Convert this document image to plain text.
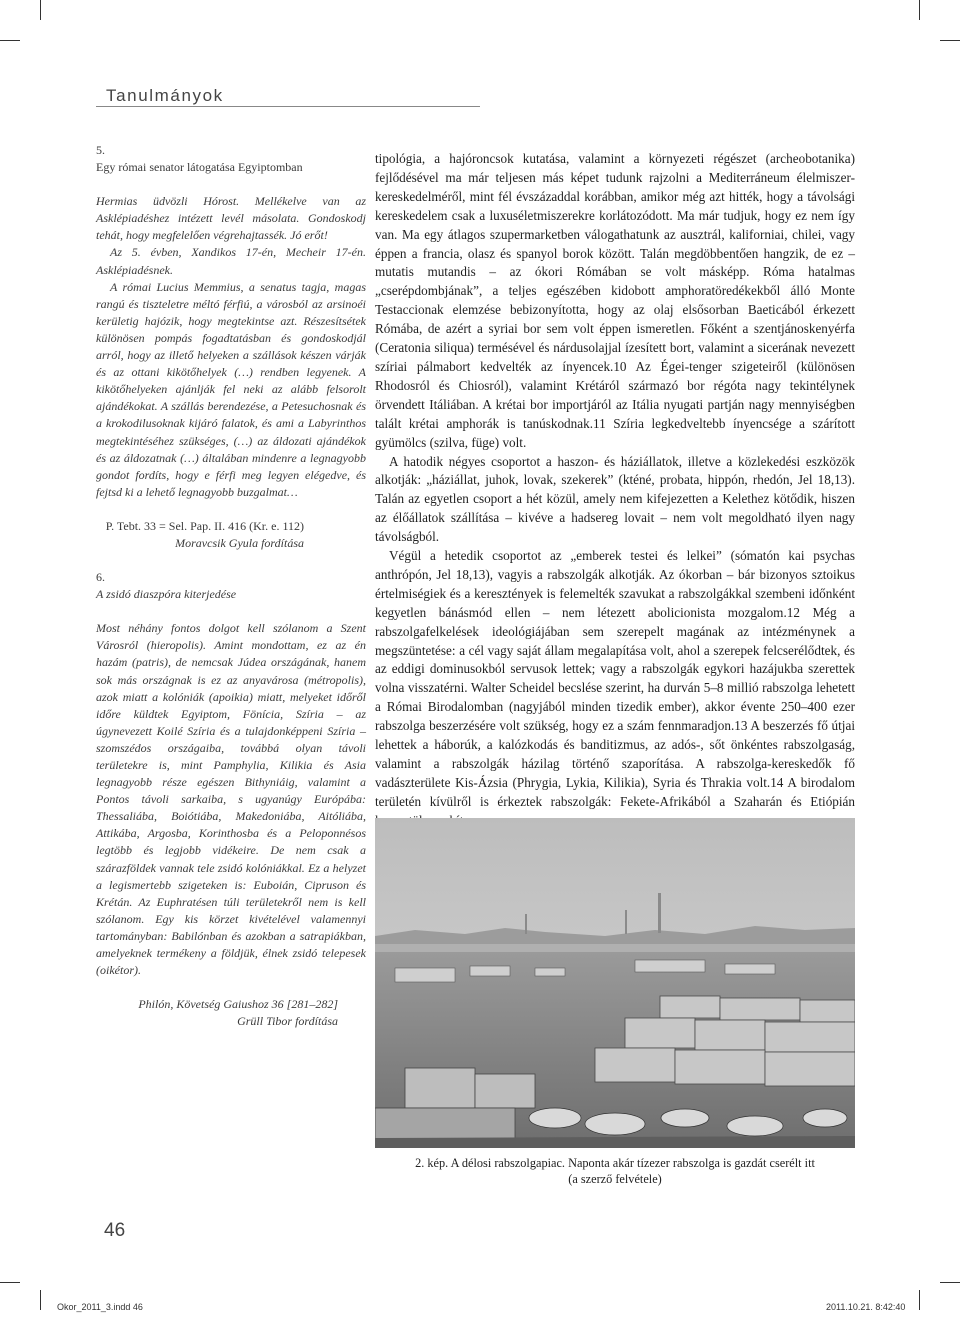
Tanulmányok

5.

Egy római senator látogatása Egyiptomban

Hermias üdvözli Hórost. Mellékelve van az Asklépiadéshez intézett levél másolata. Gondoskodj tehát, hogy megfelelően végrehajtassék. Jó erőt!

Az 5. évben, Xandikos 17-én, Mecheir 17-én. Asklépiadésnek.

A római Lucius Memmius, a senatus tagja, magas rangú és tiszteletre méltó férfiú, a városból az arsinoéi kerületig hajózik, hogy megtekintse azt. Részesítsétek különösen pompás fogadtatásban és gondoskodjál arról, hogy az illető helyeken a szállások készen várják és az ottani kikötőhelyek (…) rendben legyenek. A kikötőhelyeken ajánlják fel neki az alább felsorolt ajándékokat. A szállás berendezése, a Petesuchosnak és a krokodilusoknak kijáró falatok, és ami a Labyrinthos megtekintéséhez szükséges, (…) az áldozati ajándékok és az áldozatnak (…) általában mindenre a legnagyobb gondot fordíts, hogy e férfi meg legyen elégedve, és fejtsd ki a lehető legnagyobb buzgalmat…

P. Tebt. 33 = Sel. Pap. II. 416 (Kr. e. 112)

Moravcsik Gyula fordítása

6.

A zsidó diaszpóra kiterjedése

Most néhány fontos dolgot kell szólanom a Szent Városról (hieropolis). Amint mondottam, ez az én hazám (patris), de nemcsak Júdea országának, hanem sok más országnak is ez az anyavárosa (métropolis), azok miatt a kolóniák (apoikia) miatt, melyeket időről időre küldtek Egyiptom, Fönícia, Szíria – az úgynevezett Koilé Szíria és a tulajdonképpeni Szíria – szomszédos országaiba, továbbá olyan távoli területekre is, mint Pamphylia, Kilikia és Asia legnagyobb része egészen Bithyniáig, valamint a Pontos távoli sarkaiba, s ugyanúgy Európába: Thessaliába, Boiótiába, Makedoniába, Aitóliába, Attikába, Argosba, Korinthosba és a Peloponnésos legtöbb és legjobb vidékeire. De nem csak a szárazföldek vannak tele zsidó kolóniákkal. Ez a helyzet a legismertebb szigeteken is: Euboián, Cipruson és Krétán. Az Euphratésen túli területekről nem is kell szólanom. Egy kis körzet kivételével valamennyi tartományban: Babilónban és azokban a satrapiákban, amelyeknek termékeny a földjük, élnek zsidó telepesek (oikétor).

Philón, Követség Gaiushoz 36 [281–282]

Grüll Tibor fordítása

tipológia, a hajóroncsok kutatása, valamint a környezeti régészet (archeobotanika) fejlődésével ma már teljesen más képet tudunk rajzolni a Mediterráneum élelmiszer-kereskedelméről, mint fél évszázaddal korábban, amikor még azt hitték, hogy a távolsági kereskedelem csak a luxuséletmiszerekre korlátozódott. Ma már tudjuk, hogy ez nem így van. Ma egy átlagos szupermarketben válogathatunk az ausztrál, kaliforniai, chilei, vagy éppen a francia, olasz és spanyol borok között. Talán megdöbbentően hangzik, de ez – mutatis mutandis – az ókori Rómában se volt másképp. Róma hatalmas „cserépdombjának”, a teljes egészében kidobott amphoratöredékekből álló Monte Testaccionak elemzése bebizonyította, hogy az olaj elsősorban Baeticából érkezett Rómába, de azért a syriai bor sem volt éppen ismeretlen. Főként a szentjánoskenyérfa (Ceratonia siliqua) termésével és nárdusolajjal ízesített bort, valamint a sicerának nevezett szíriai pálmabort kedvelték az ínyencek.10 Az Égei-tenger szigeteiről (különösen Rhodosról és Chiosról), valamint Krétáról származó bor régóta nagy tekintélynek örvendett Itáliában. A krétai bor importjáról az Itália nyugati partján nagy mennyiségben talált krétai amphorák is tanúskodnak.11 Szíria legkedveltebb ínyencsége a szárított gyümölcs (szilva, füge) volt.

A hatodik négyes csoportot a haszon- és háziállatok, illetve a közlekedési eszközök alkotják: „háziállat, juhok, lovak, szekerek” (kténé, probata, hippón, rhedón, Jel 18,13). Talán az egyetlen csoport a hét közül, amely nem kifejezetten a Kelethez kötődik, hiszen az élőállatok szállítása – kivéve a hadsereg lovait – nem volt megoldható ilyen nagy távolságból.

Végül a hetedik csoportot az „emberek testei és lelkei” (sómatón kai psychas anthrópón, Jel 18,13), vagyis a rabszolgák alkotják. Az ókorban – bár bizonyos sztoikus értelmiségiek és a keresztények is felemelték szavukat a rabszolgákkal szembeni időnként kegyetlen bánásmód ellen – nem létezett abolicionista mozgalom.12 Még a rabszolgafelkelések ideológiájában sem szerepelt magának az intézménynek a megszüntetése: a cél vagy saját állam megalapítása volt, ahol a szerepek felcserélődtek, és az eddigi dominusokból servusok lettek; vagy a rabszolgák egykori hazájukba szerettek volna visszatérni. Walter Scheidel becslése szerint, ha durván 5–8 millió rabszolga lehetett a Római Birodalomban (nagyjából minden tizedik ember), akkor évente 250–400 ezer rabszolga beszerzésére volt szükség, hogy ez a szám fennmaradjon.13 A beszerzés fő útjai lehettek a háborúk, a kalózkodás és banditizmus, az adós-, sőt önkéntes rabszolgaság, valamint a rabszolgák házilag történő szaporítása. A rabszolga-kereskedők fő vadászterülete Kis-Ázsia (Phrygia, Lykia, Kilikia), Syria és Thrakia volt.14 A birodalom területén kívülről is érkeztek rabszolgák: Fekete-Afrikából a Szaharán és Etiópián

2. kép. A délosi rabszolgapiac. Naponta akár tízezer rabszolga is gazdát cserélt itt
(a szerző felvétele)
46
Okor_2011_3.indd 46	2011.10.21. 8:42:40
